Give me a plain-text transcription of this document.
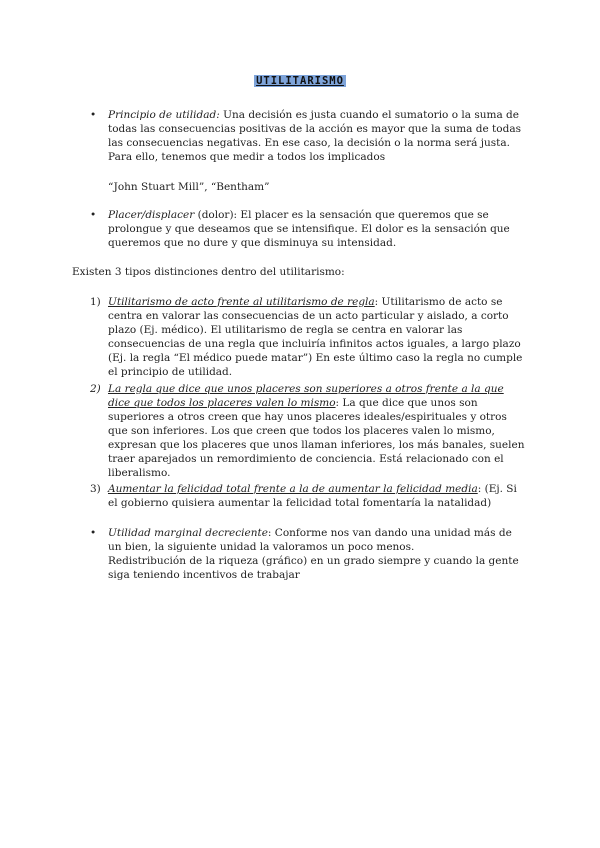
UTILITARISMO
• Principio de utilidad: Una decisión es justa cuando el sumatorio o la suma de todas las consecuencias positivas de la acción es mayor que la suma de todas las consecuencias negativas. En ese caso, la decisión o la norma será justa.

Para ello, tenemos que medir a todos los implicados

“John Stuart Mill”, “Bentham”

• Placer/displacer (dolor): El placer es la sensación que queremos que se prolongue y que deseamos que se intensifique. El dolor es la sensación que queremos que no dure y que disminuya su intensidad.

Existen 3 tipos distinciones dentro del utilitarismo:

1) Utilitarismo de acto frente al utilitarismo de regla: Utilitarismo de acto se centra en valorar las consecuencias de un acto particular y aislado, a corto plazo (Ej. médico). El utilitarismo de regla se centra en valorar las consecuencias de una regla que incluiría infinitos actos iguales, a largo plazo (Ej. la regla “El médico puede matar”) En este último caso la regla no cumple el principio de utilidad.

2) La regla que dice que unos placeres son superiores a otros frente a la que dice que todos los placeres valen lo mismo: La que dice que unos son superiores a otros creen que hay unos placeres ideales/espirituales y otros que son inferiores. Los que creen que todos los placeres valen lo mismo, expresan que los placeres que unos llaman inferiores, los más banales, suelen traer aparejados un remordimiento de conciencia. Está relacionado con el liberalismo.

3) Aumentar la felicidad total frente a la de aumentar la felicidad media: (Ej. Si el gobierno quisiera aumentar la felicidad total fomentaría la natalidad)

• Utilidad marginal decreciente: Conforme nos van dando una unidad más de un bien, la siguiente unidad la valoramos un poco menos.

Redistribución de la riqueza (gráfico) en un grado siempre y cuando la gente siga teniendo incentivos de trabajar
